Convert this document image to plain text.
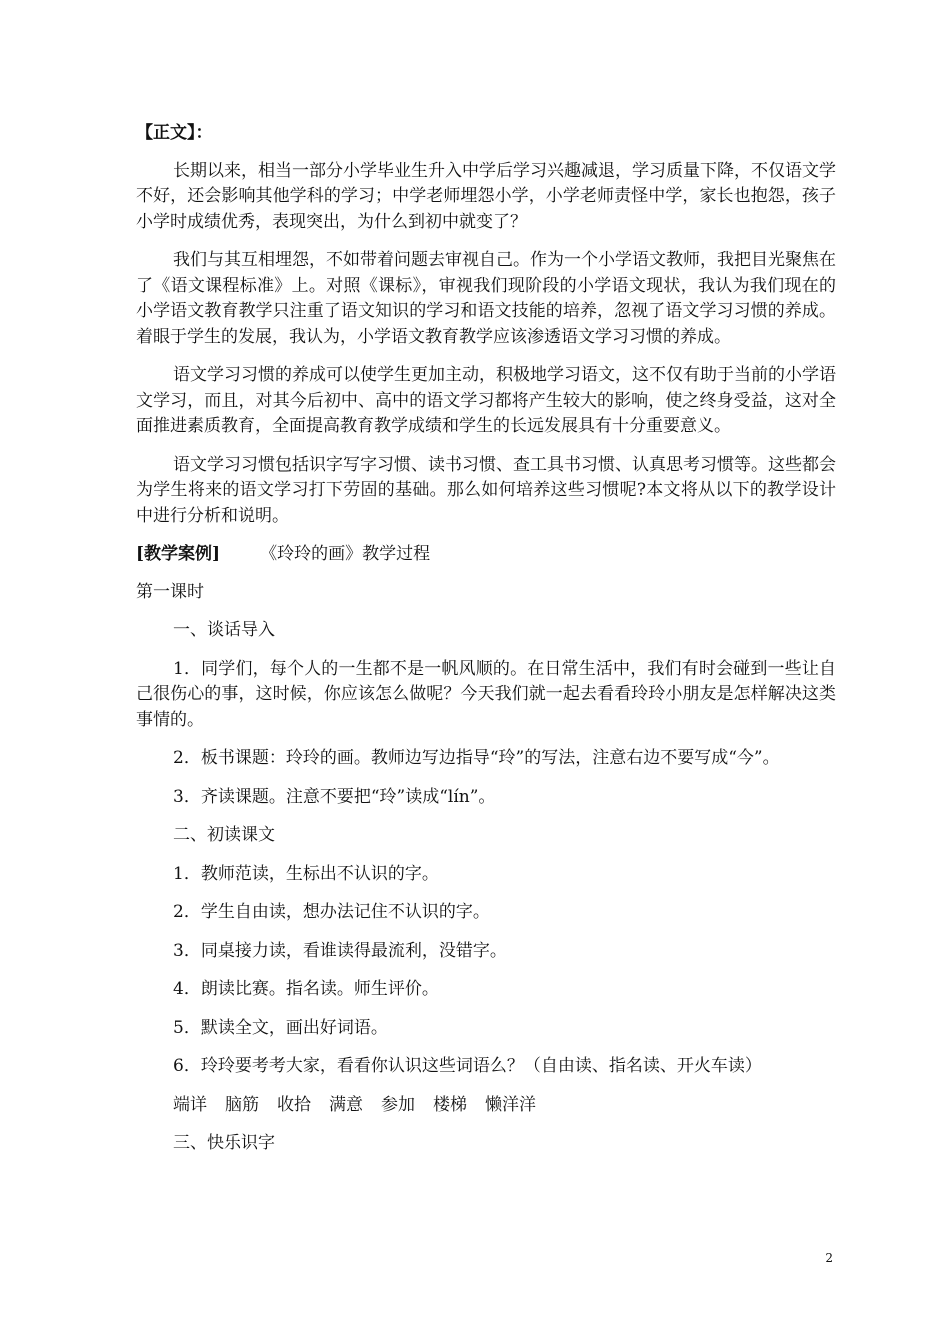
【正文】：

长期以来，相当一部分小学毕业生升入中学后学习兴趣减退，学习质量下降，不仅语文学不好，还会影响其他学科的学习；中学老师埋怨小学，小学老师责怪中学，家长也抱怨，孩子小学时成绩优秀，表现突出，为什么到初中就变了？

我们与其互相埋怨，不如带着问题去审视自己。作为一个小学语文教师，我把目光聚焦在了《语文课程标准》上。对照《课标》，审视我们现阶段的小学语文现状，我认为我们现在的小学语文教育教学只注重了语文知识的学习和语文技能的培养，忽视了语文学习习惯的养成。着眼于学生的发展，我认为，小学语文教育教学应该渗透语文学习习惯的养成。

语文学习习惯的养成可以使学生更加主动，积极地学习语文，这不仅有助于当前的小学语文学习，而且，对其今后初中、高中的语文学习都将产生较大的影响，使之终身受益，这对全面推进素质教育，全面提高教育教学成绩和学生的长远发展具有十分重要意义。

语文学习习惯包括识字写字习惯、读书习惯、查工具书习惯、认真思考习惯等。这些都会为学生将来的语文学习打下劳固的基础。那么如何培养这些习惯呢?本文将从以下的教学设计中进行分析和说明。

[教学案例] 《玲玲的画》教学过程

第一课时

一、谈话导入

1．同学们，每个人的一生都不是一帆风顺的。在日常生活中，我们有时会碰到一些让自己很伤心的事，这时候，你应该怎么做呢？今天我们就一起去看看玲玲小朋友是怎样解决这类事情的。

2．板书课题：玲玲的画。教师边写边指导“玲”的写法，注意右边不要写成“今”。

3．齐读课题。注意不要把“玲”读成“lín”。

二、初读课文

1．教师范读，生标出不认识的字。

2．学生自由读，想办法记住不认识的字。

3．同桌接力读，看谁读得最流利，没错字。

4．朗读比赛。指名读。师生评价。

5．默读全文，画出好词语。

6．玲玲要考考大家，看看你认识这些词语么？（自由读、指名读、开火车读）

端详 脑筋 收拾 满意 参加 楼梯 懒洋洋

三、快乐识字

2
